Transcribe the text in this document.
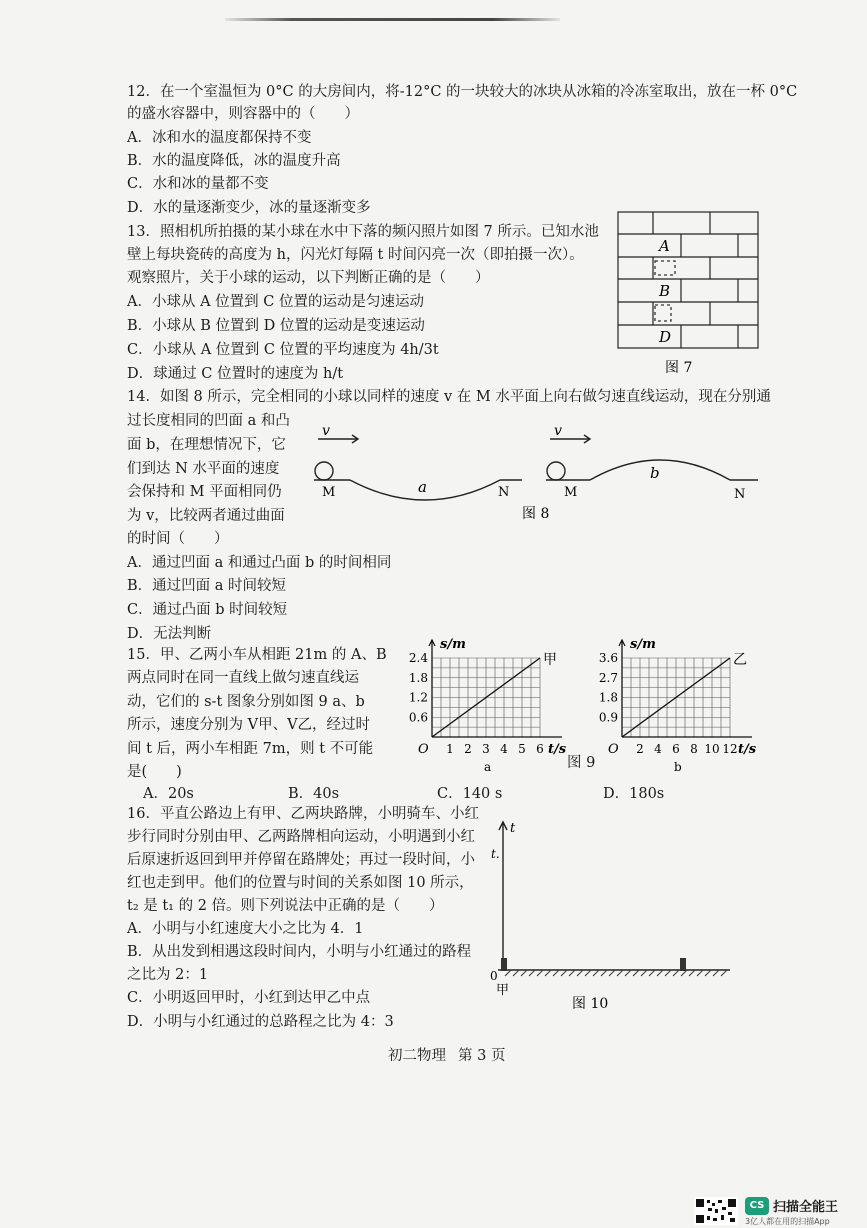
12．在一个室温恒为 0°C 的大房间内，将-12°C 的一块较大的冰块从冰箱的冷冻室取出，放在一杯 0°C
的盛水容器中，则容器中的（　　）
A．冰和水的温度都保持不变
B．水的温度降低，冰的温度升高
C．水和冰的量都不变
D．水的量逐渐变少，冰的量逐渐变多
13．照相机所拍摄的某小球在水中下落的频闪照片如图 7 所示。已知水池
壁上每块瓷砖的高度为 h，闪光灯每隔 t 时间闪亮一次（即拍摄一次）。
观察照片，关于小球的运动，以下判断正确的是（　　）
A．小球从 A 位置到 C 位置的运动是匀速运动
B．小球从 B 位置到 D 位置的运动是变速运动
C．小球从 A 位置到 C 位置的平均速度为 4h/3t
D．球通过 C 位置时的速度为 h/t
A
B
D
图 7
14．如图 8 所示，完全相同的小球以同样的速度 v 在 M 水平面上向右做匀速直线运动，现在分别通
过长度相同的凹面 a 和凸
面 b，在理想情况下，它
们到达 N 水平面的速度
会保持和 M 平面相同仍
为 v，比较两者通过曲面
的时间（　　）
A．通过凹面 a 和通过凸面 b 的时间相同
B．通过凹面 a 时间较短
C．通过凸面 b 时间较短
D．无法判断
v	v
M	N	M	N
a
b
图 8
15．甲、乙两小车从相距 21m 的 A、B
两点同时在同一直线上做匀速直线运
动，它们的 s-t 图象分别如图 9 a、b
所示，速度分别为 V甲、V乙，经过时
间 t 后，两小车相距 7m，则 t 不可能
是(　　)
A．20s	B．40s	C．140 s	D．180s
甲
0.6
1.2
1.8
2.4
1 2 3 4 5 6
O
s/m
t/s
a
乙
0.9
1.8
2.7
3.6
2 4 6 8 10 12
O
s/m
t/s
b
图 9
16．平直公路边上有甲、乙两块路牌，小明骑车、小红
步行同时分别由甲、乙两路牌相向运动，小明遇到小红
后原速折返回到甲并停留在路牌处；再过一段时间，小
红也走到甲。他们的位置与时间的关系如图 10 所示，
t₂ 是 t₁ 的 2 倍。则下列说法中正确的是（　　）
A．小明与小红速度大小之比为 4．1
B．从出发到相遇这段时间内，小明与小红通过的路程
之比为 2：1
C．小明返回甲时，小红到达甲乙中点
D．小明与小红通过的总路程之比为 4：3
t
t.
0
甲
图 10
初二物理 第 3 页
CS 扫描全能王
3亿人都在用的扫描App
